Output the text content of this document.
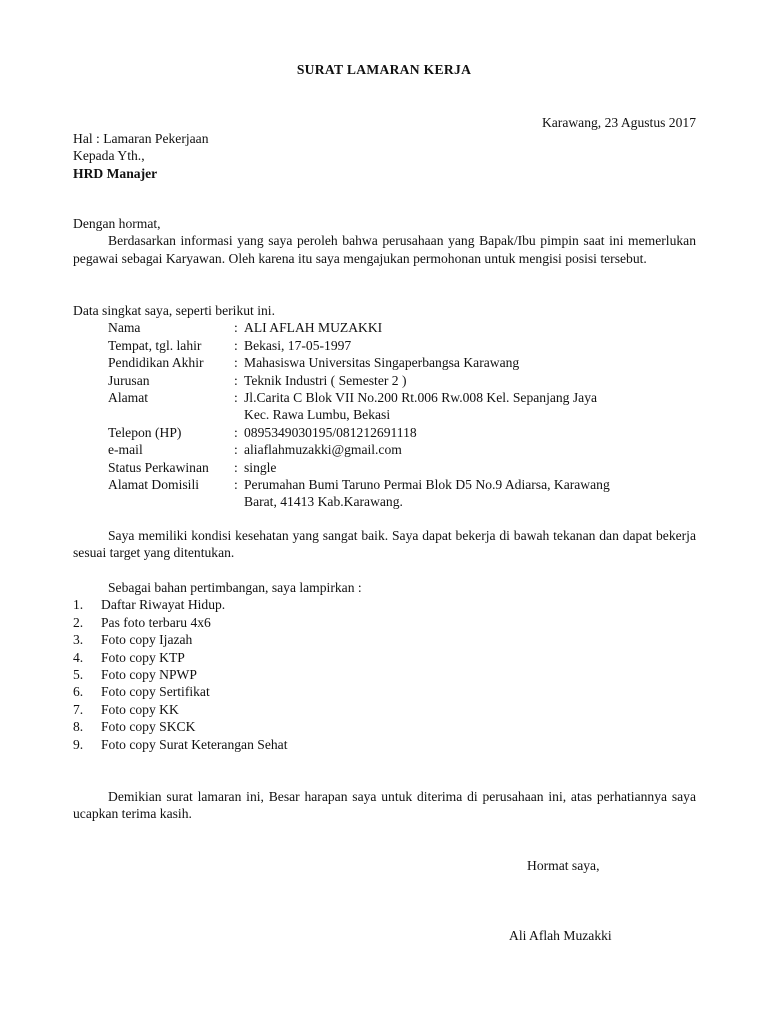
SURAT LAMARAN KERJA
Karawang, 23 Agustus 2017
Hal : Lamaran Pekerjaan
Kepada Yth.,
HRD Manajer
Dengan hormat,
Berdasarkan informasi yang saya peroleh bahwa perusahaan yang Bapak/Ibu pimpin saat ini memerlukan pegawai sebagai Karyawan. Oleh karena itu saya mengajukan permohonan untuk mengisi posisi tersebut.
Data singkat saya, seperti berikut ini.
Nama	: ALI AFLAH MUZAKKI
Tempat, tgl. lahir	: Bekasi, 17-05-1997
Pendidikan Akhir	: Mahasiswa Universitas Singaperbangsa Karawang
Jurusan	: Teknik Industri ( Semester 2 )
Alamat	: Jl.Carita C Blok VII No.200 Rt.006 Rw.008 Kel. Sepanjang Jaya
Kec. Rawa Lumbu, Bekasi
Telepon (HP)	: 0895349030195/081212691118
e-mail	: aliaflahmuzakki@gmail.com
Status Perkawinan	: single
Alamat Domisili	: Perumahan Bumi Taruno Permai Blok D5 No.9 Adiarsa, Karawang
Barat, 41413 Kab.Karawang.
Saya memiliki kondisi kesehatan yang sangat baik. Saya dapat bekerja di bawah tekanan dan dapat bekerja sesuai target yang ditentukan.
Sebagai bahan pertimbangan, saya lampirkan :
1.	Daftar Riwayat Hidup.
2.	Pas foto terbaru 4x6
3.	Foto copy Ijazah
4.	Foto copy KTP
5.	Foto copy NPWP
6.	Foto copy Sertifikat
7.	Foto copy KK
8.	Foto copy SKCK
9.	Foto copy Surat Keterangan Sehat
Demikian surat lamaran ini, Besar harapan saya untuk diterima di perusahaan ini, atas perhatiannya saya ucapkan terima kasih.
Hormat saya,
Ali Aflah Muzakki
